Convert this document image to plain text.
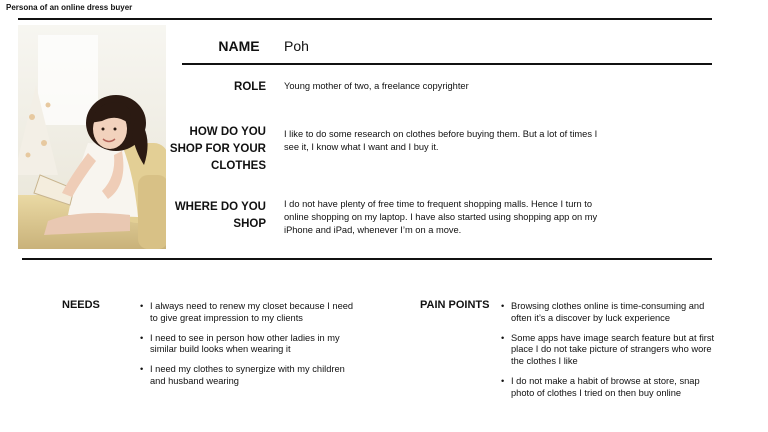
Persona of an online dress buyer
NAME	Poh
ROLE Young mother of two, a freelance copyrighter
HOW DO YOU
SHOP FOR YOUR
CLOTHES
I like to do some research on clothes before buying them. But a lot of times I
see it, I know what I want and I buy it.
WHERE DO YOU
SHOP
I do not have plenty of free time to frequent shopping malls. Hence I turn to
online shopping on my laptop. I have also started using shopping app on my
iPhone and iPad, whenever I’m on a move.
NEEDS	• I always need to renew my closet because I need
to give great impression to my clients
• I need to see in person how other ladies in my
similar build looks when wearing it
• I need my clothes to synergize with my children
and husband wearing
PAIN POINTS • Browsing clothes online is time-consuming and
often it’s a discover by luck experience
• Some apps have image search feature but at first
place I do not take picture of strangers who wore
the clothes I like
• I do not make a habit of browse at store, snap
photo of clothes I tried on then buy online
